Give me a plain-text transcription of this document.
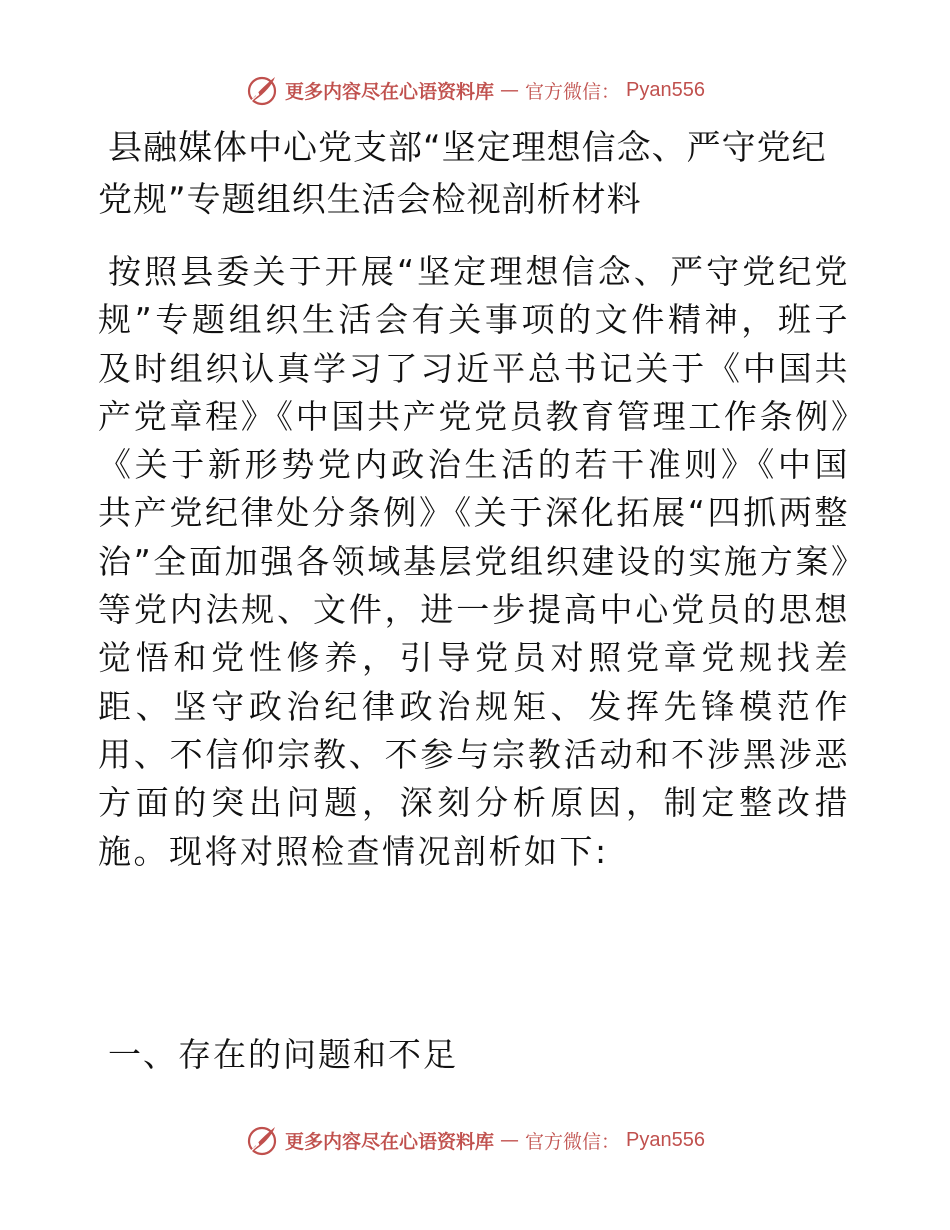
更多内容尽在心语资料库 — 官方微信： Pyan556
县融媒体中心党支部“坚定理想信念、严守党纪党规”专题组织生活会检视剖析材料

按照县委关于开展“坚定理想信念、严守党纪党规”专题组织生活会有关事项的文件精神，班子及时组织认真学习了习近平总书记关于《中国共产党章程》《中国共产党党员教育管理工作条例》《关于新形势党内政治生活的若干准则》《中国共产党纪律处分条例》《关于深化拓展“四抓两整治”全面加强各领域基层党组织建设的实施方案》等党内法规、文件，进一步提高中心党员的思想觉悟和党性修养，引导党员对照党章党规找差距、坚守政治纪律政治规矩、发挥先锋模范作用、不信仰宗教、不参与宗教活动和不涉黑涉恶方面的突出问题，深刻分析原因，制定整改措施。现将对照检查情况剖析如下:

一、存在的问题和不足
更多内容尽在心语资料库 — 官方微信： Pyan556
